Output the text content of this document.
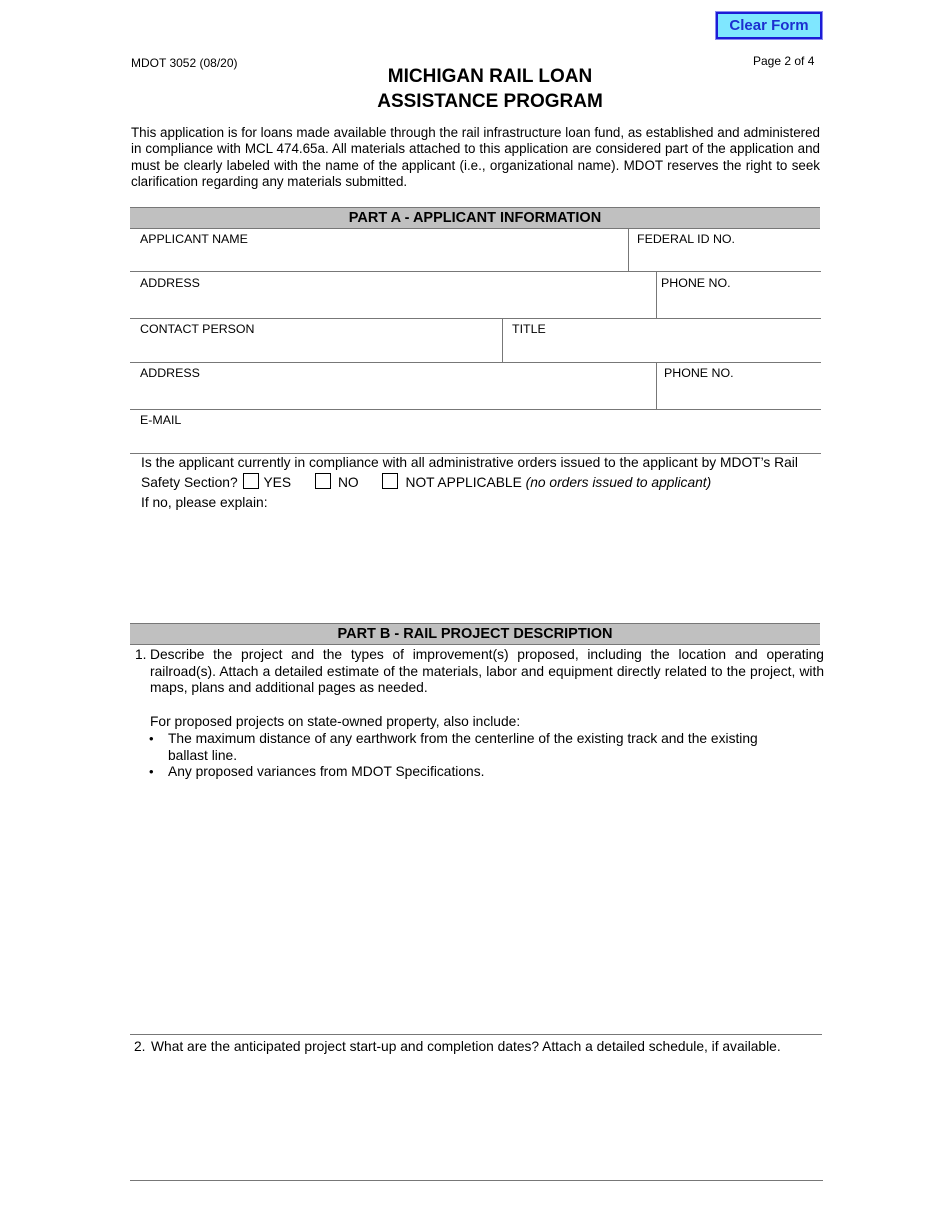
Clear Form
MDOT 3052 (08/20)	Page 2 of 4
MICHIGAN RAIL LOAN
ASSISTANCE PROGRAM
This application is for loans made available through the rail infrastructure loan fund, as established and administered in compliance with MCL 474.65a. All materials attached to this application are considered part of the application and must be clearly labeled with the name of the applicant (i.e., organizational name). MDOT reserves the right to seek clarification regarding any materials submitted.
PART A - APPLICANT INFORMATION
APPLICANT NAME	FEDERAL ID NO.
ADDRESS	PHONE NO.
CONTACT PERSON	TITLE
ADDRESS	PHONE NO.
E-MAIL
Is the applicant currently in compliance with all administrative orders issued to the applicant by MDOT’s Rail
Safety Section? YES	NO	NOT APPLICABLE (no orders issued to applicant)
If no, please explain:
PART B - RAIL PROJECT DESCRIPTION
1. Describe the project and the types of improvement(s) proposed, including the location and operating railroad(s). Attach a detailed estimate of the materials, labor and equipment directly related to the project, with maps, plans and additional pages as needed.
For proposed projects on state-owned property, also include:
• The maximum distance of any earthwork from the centerline of the existing track and the existing ballast line.
• Any proposed variances from MDOT Specifications.
2. What are the anticipated project start-up and completion dates? Attach a detailed schedule, if available.
